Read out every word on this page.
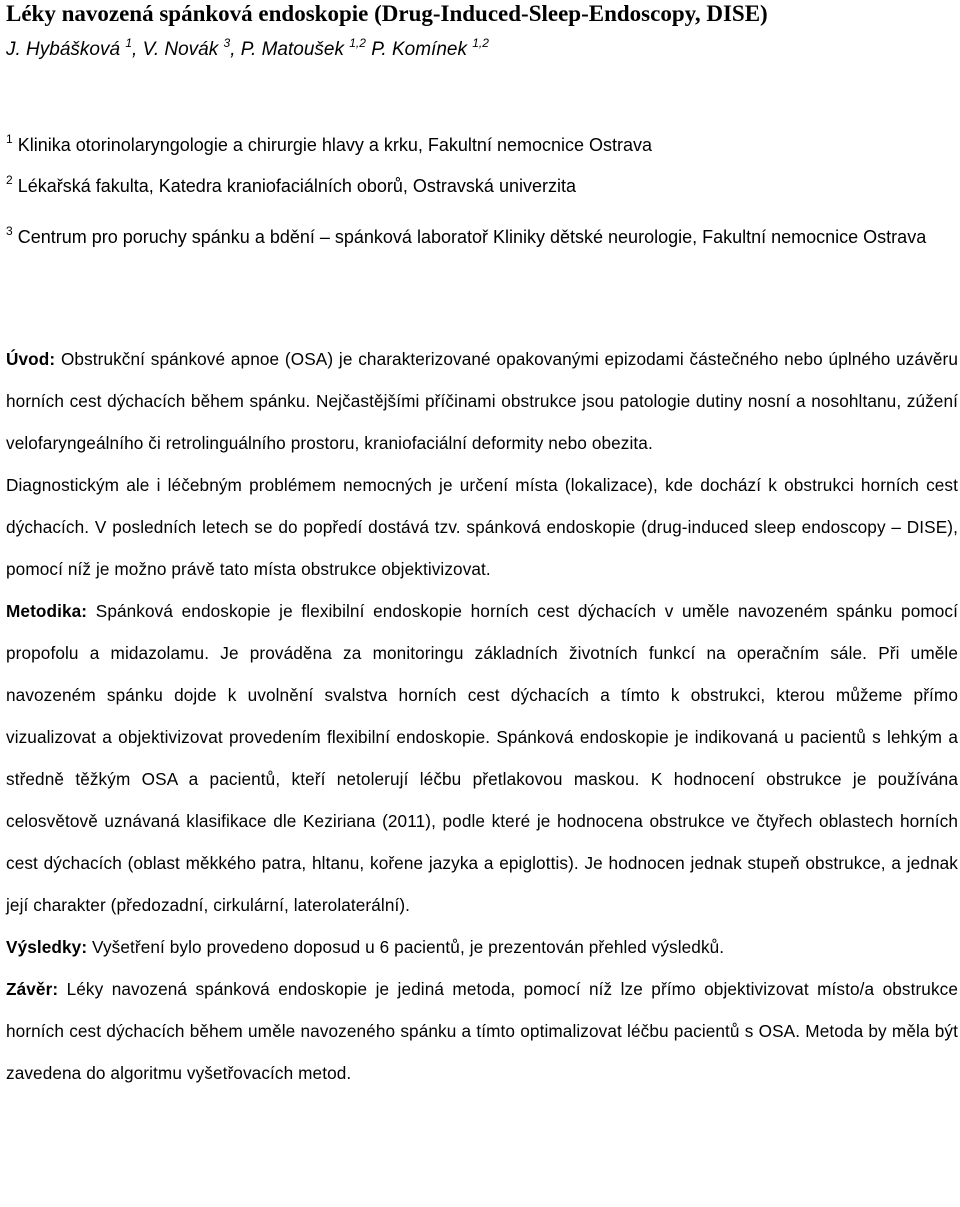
Léky navozená spánková endoskopie (Drug-Induced-Sleep-Endoscopy, DISE)
J. Hybášková $^1$, V. Novák $^3$, P. Matoušek $^{1,2}$ P. Komínek $^{1,2}$
$^1$ Klinika otorinolaryngologie a chirurgie hlavy a krku, Fakultní nemocnice Ostrava
$^2$ Lékařská fakulta, Katedra kraniofaciálních oborů, Ostravská univerzita
$^3$ Centrum pro poruchy spánku a bdění – spánková laboratoř Kliniky dětské neurologie, Fakultní nemocnice Ostrava

Úvod: Obstrukční spánkové apnoe (OSA) je charakterizované opakovanými epizodami částečného nebo úplného uzávěru horních cest dýchacích během spánku. Nejčastějšími příčinami obstrukce jsou patologie dutiny nosní a nosohltanu, zúžení velofaryngeálního či retrolinguálního prostoru, kraniofaciální deformity nebo obezita.

Diagnostickým ale i léčebným problémem nemocných je určení místa (lokalizace), kde dochází k obstrukci horních cest dýchacích. V posledních letech se do popředí dostává tzv. spánková endoskopie (drug-induced sleep endoscopy – DISE), pomocí níž je možno právě tato místa obstrukce objektivizovat.

Metodika: Spánková endoskopie je flexibilní endoskopie horních cest dýchacích v uměle navozeném spánku pomocí propofolu a midazolamu. Je prováděna za monitoringu základních životních funkcí na operačním sále. Při uměle navozeném spánku dojde k uvolnění svalstva horních cest dýchacích a tímto k obstrukci, kterou můžeme přímo vizualizovat a objektivizovat provedením flexibilní endoskopie. Spánková endoskopie je indikovaná u pacientů s lehkým a středně těžkým OSA a pacientů, kteří netolerují léčbu přetlakovou maskou. K hodnocení obstrukce je používána celosvětově uznávaná klasifikace dle Keziriana (2011), podle které je hodnocena obstrukce ve čtyřech oblastech horních cest dýchacích (oblast měkkého patra, hltanu, kořene jazyka a epiglottis). Je hodnocen jednak stupeň obstrukce, a jednak její charakter (předozadní, cirkulární, laterolaterální).

Výsledky: Vyšetření bylo provedeno doposud u 6 pacientů, je prezentován přehled výsledků.

Závěr: Léky navozená spánková endoskopie je jediná metoda, pomocí níž lze přímo objektivizovat místo/a obstrukce horních cest dýchacích během uměle navozeného spánku a tímto optimalizovat léčbu pacientů s OSA. Metoda by měla být zavedena do algoritmu vyšetřovacích metod.
